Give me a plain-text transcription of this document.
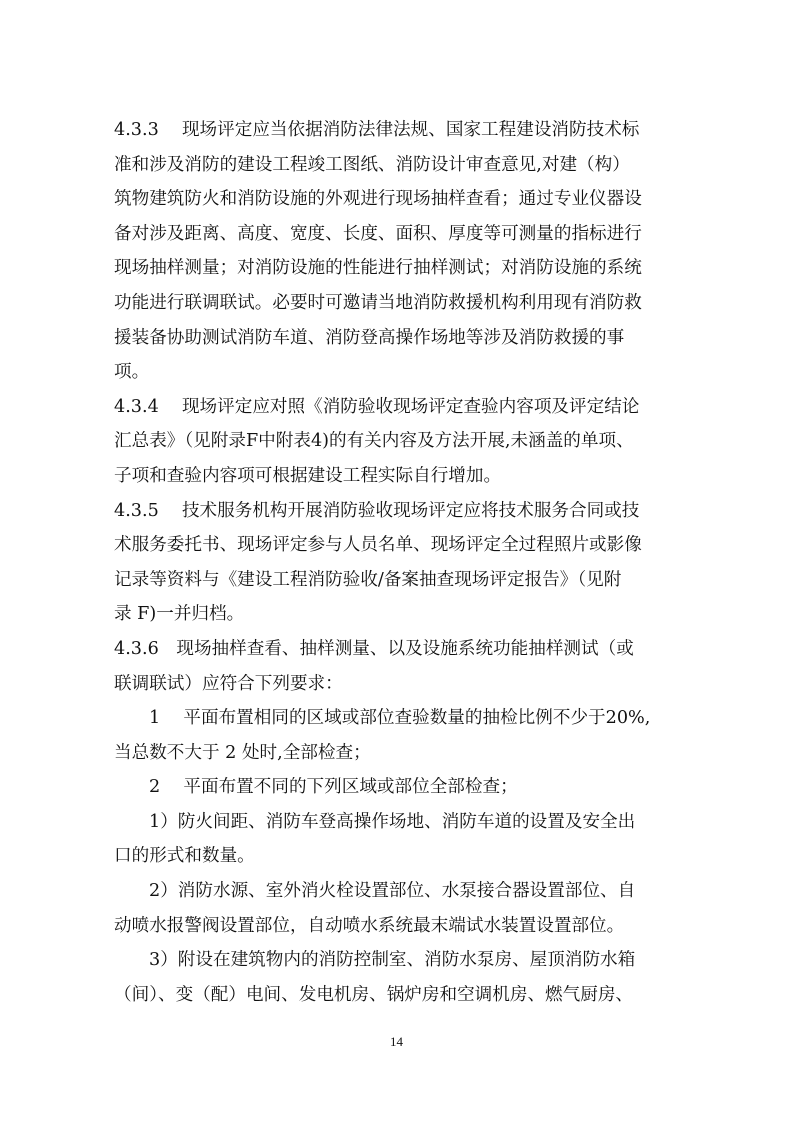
4.3.3　 现场评定应当依据消防法律法规、国家工程建设消防技术标
准和涉及消防的建设工程竣工图纸、消防设计审查意见,对建（构）
筑物建筑防火和消防设施的外观进行现场抽样查看；通过专业仪器设
备对涉及距离、高度、宽度、长度、面积、厚度等可测量的指标进行
现场抽样测量；对消防设施的性能进行抽样测试；对消防设施的系统
功能进行联调联试。必要时可邀请当地消防救援机构利用现有消防救
援装备协助测试消防车道、消防登高操作场地等涉及消防救援的事
项。

4.3.4　 现场评定应对照《消防验收现场评定查验内容项及评定结论
汇总表》（见附录F中附表4)的有关内容及方法开展,未涵盖的单项、
子项和查验内容项可根据建设工程实际自行增加。

4.3.5　 技术服务机构开展消防验收现场评定应将技术服务合同或技
术服务委托书、现场评定参与人员名单、现场评定全过程照片或影像
记录等资料与《建设工程消防验收/备案抽查现场评定报告》（见附
录 F)一并归档。

4.3.6　现场抽样查看、抽样测量、以及设施系统功能抽样测试（或
联调联试）应符合下列要求：

1　 平面布置相同的区域或部位查验数量的抽检比例不少于20%,
当总数不大于 2 处时,全部检查；

2　 平面布置不同的下列区域或部位全部检查；

1）防火间距、消防车登高操作场地、消防车道的设置及安全出
口的形式和数量。

2）消防水源、室外消火栓设置部位、水泵接合器设置部位、自
动喷水报警阀设置部位，自动喷水系统最末端试水装置设置部位。

3）附设在建筑物内的消防控制室、消防水泵房、屋顶消防水箱
（间）、变（配）电间、发电机房、锅炉房和空调机房、燃气厨房、

14
